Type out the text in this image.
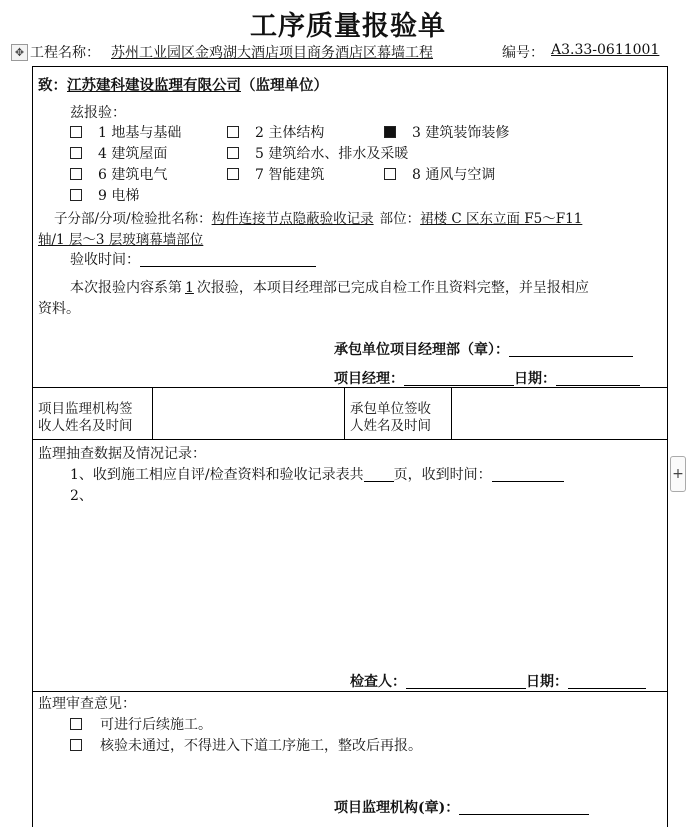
工序质量报验单
✥ 工程名称： 苏州工业园区金鸡湖大酒店项目商务酒店区幕墙工程	编号： A3.33-0611001
致：江苏建科建设监理有限公司（监理单位）
兹报验：
1 地基与基础	2 主体结构	3 建筑装饰装修
4 建筑屋面	5 建筑给水、排水及采暖
6 建筑电气	7 智能建筑	8 通风与空调
9 电梯
子分部/分项/检验批名称：构件连接节点隐蔽验收记录 部位：裙楼 C 区东立面 F5～F11
轴/1 层～3 层玻璃幕墙部位
验收时间：
本次报验内容系第 1 次报验，本项目经理部已完成自检工作且资料完整，并呈报相应
资料。
承包单位项目经理部（章）：
项目经理：	日期：
项目监理机构签
收人姓名及时间
承包单位签收
人姓名及时间
监理抽查数据及情况记录：
1、收到施工相应自评/检查资料和验收记录表共 页，收到时间：
2、
检查人：	日期：
+
监理审查意见：
可进行后续施工。
核验未通过，不得进入下道工序施工，整改后再报。
项目监理机构(章)：
